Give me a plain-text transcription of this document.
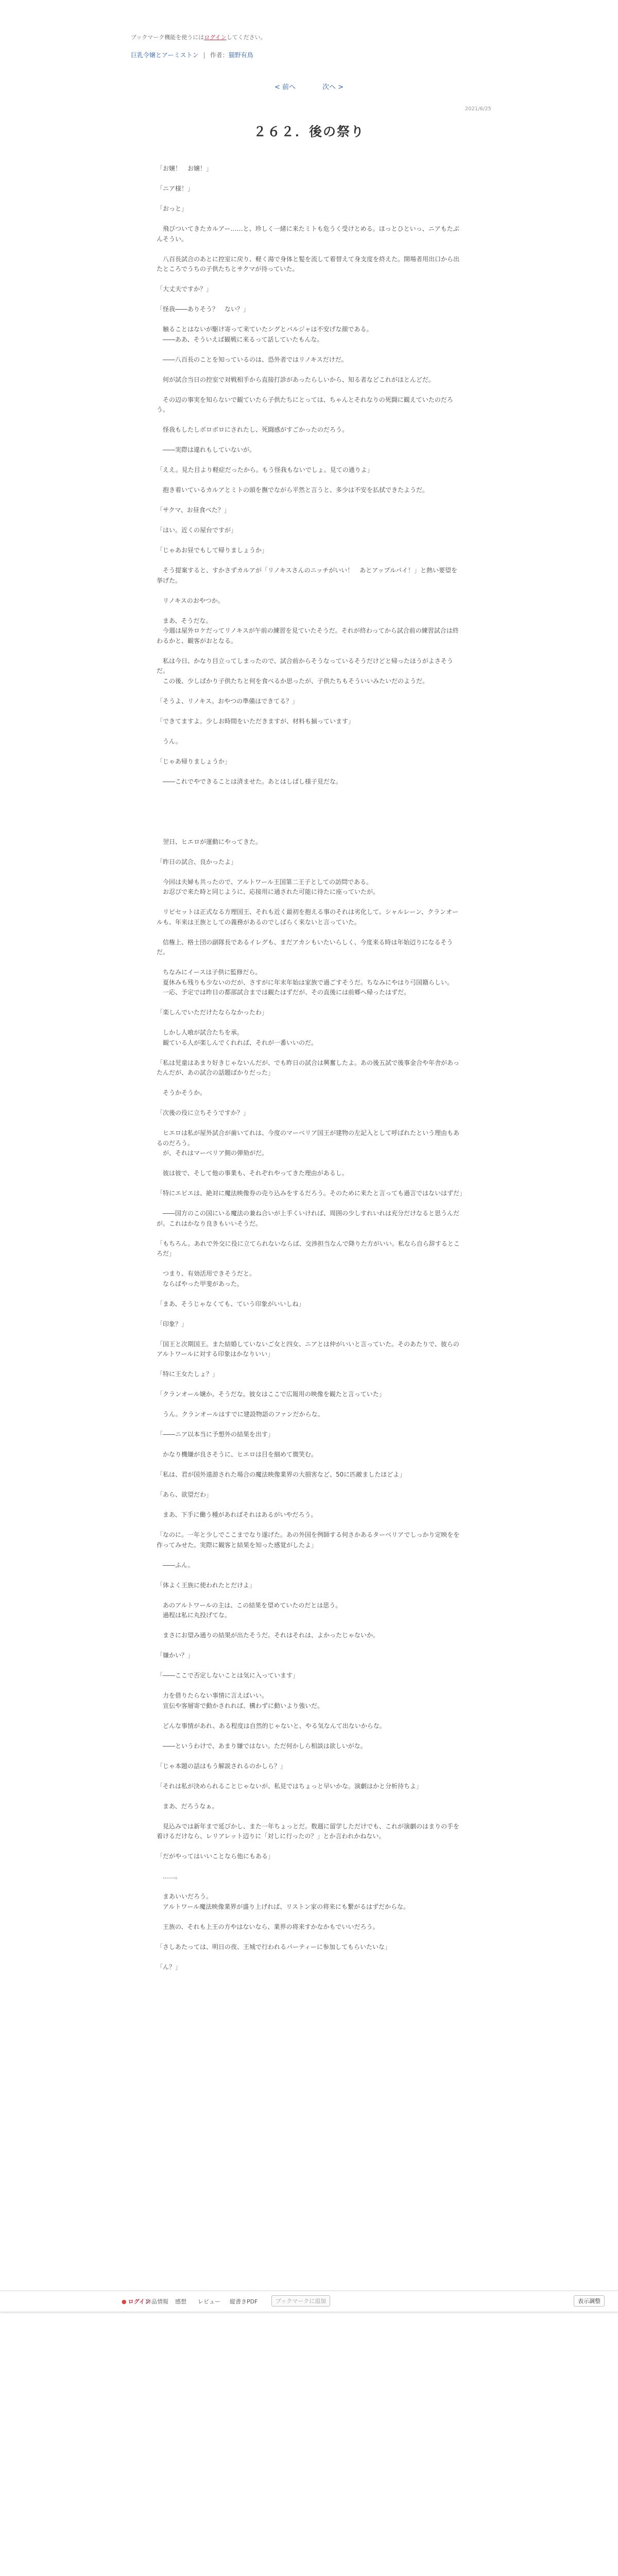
ブックマーク機能を使うにはログインしてください。
巨乳令嬢とアーミストン | 作者：猫野有鳥
< 前へ	次へ >
2021/6/25
２６２．後の祭り

「お嬢！　お嬢！」

「ニア様！」

「おっと」

　飛びついてきたカルアー……と、珍しく一緒に来たミトも危うく受けとめる。ほっとひといっ、ニアもたぶんそうい。

　八百長試合のあとに控室に戻り、軽く湯で身体と髪を流して着替えて身支度を終えた。開場者用出口から出たところでうちの子供たちとサクマが待っていた。

「大丈夫ですか？」

「怪我――ありそう？　ない？」

　触ることはないが駆け寄って来ていたシグとバルジャは不安げな顔である。

　――ああ、そういえば観戦に来るって話していたもんな。

　――八百長のことを知っているのは、恐外者ではリノキスだけだ。

　何が試合当日の控室で対戦相手から直接打診があったらしいから、知る者などこれがほとんどだ。

　その辺の事実を知らないで観ていたら子供たちにとっては、ちゃんとそれなりの死闘に観えていたのだろう。

　怪我もしたしボロボロにされたし、死闘感がすごかったのだろう。

　――実際は違れもしていないが。

「ええ。見た目より軽症だったから。もう怪我もないでしょ。見ての通りよ」

　抱き着いているカルアとミトの頭を撫でながら平然と言うと、多少は不安を払拭できたようだ。

「サクマ、お昼食べた？」

「はい。近くの屋台ですが」

「じゃあお昼でもして帰りましょうか」

　そう提案すると、すかさずカルアが「リノキスさんのニッチがいい！　あとアップルパイ！」と熱い要望を挙げた。

　リノキスのおやつか。

　まあ、そうだな。

　今週は屋外ロケだってリノキスが午前の練習を見ていたそうだ。それが終わってから試合前の練習試合は終わるかと、観客がおとなる。

　私は今日、かなり目立ってしまったので、試合前からそうなっているそうだけどと帰ったほうがよさそうだ。

　この後、少しばかり子供たちと何を食べるか思ったが、子供たちもそういいみたいだのようだ。

「そうよ、リノキス。おやつの準備はできてる？」

「できてますよ。少しお時間をいただきますが、材料も揃っています」

　うん。

「じゃあ帰りましょうか」

　――これでやできることは済ませた。あとはしばし様子見だな。

　翌日、ヒエロが運動にやってきた。

「昨日の試合、良かったよ」

　今回は夫婦も共ったので、アルトワール王国第二王子としての訪問である。

　お忍びで来た時と同じように、応接用に通された可能に待たに座っていたが。

　リビセットは正式なる方理国王、それも近く最初を抱える事のそれは劣化して。シャルレーン、クランオールも、年来は王族としての義務があるのでしばらく来ないと言っていた。

　信権上、格士団の副隊長であるイレグも、まだアカシもいたいらしく、今度来る時は年始辺りになるそうだ。

　ちなみにイースは子供に監修だら。

　夏休みも残りも少ないのだが、さすがに年末年始は家族で過ごすそうだ。ちなみにやはり弓国籍らしい。

　一応、予定では昨日の都部試合までは観たはずだが、その直後には前郷へ帰ったはずだ。

「楽しんでいただけたならなかったわ」

　しかし人喰が試合たちを承。

　観ている人が楽しんでくれれば、それが一番いいのだ。

「私は児童はあまり好きじゃないんだが、でも昨日の試合は興奮したよ。あの後五試で後事金合や年舎があったんだが、あの試合の話題ばかりだった」

　そうかそうか。

「次後の役に立ちそうですか？」

　ヒエロは私が屋外試合が歯いてれは、今度のマーベリア国王が建物の左記入として呼ばれたという理由もあるのだろう。

　が、それはマーベリア側の弾劾がだ。

　彼は彼で、そして他の事業も、それぞれやってきた理由があるし。

「特にエビエは、絶対に魔法映像券の売り込みをするだろう。そのために来たと言っても過言ではないはずだ」

　――国方のこの国にいる魔法の兼ね合いが上手くいければ、周囲の少しすれいれは充分だけなると思うんだが。これはかなり良きもいいそうだ。

「もちろん。あれで外交に役に立てられないならば、交渉担当なんで降りた方がいい。私なら自ら辞するところだ」

　つまり、有効活用できそうだと。

　ならばやった甲斐があった。

「まあ、そうじゃなくても、ていう印象がいいしね」

「印象？」

「国王と次期国王。また結婚していないご女と四女、ニアとは仲がいいと言っていた。そのあたりで、彼らのアルトワールに対する印象はかなりいい」

「特に王女たしょ？」

「クランオール嬢か。そうだな。彼女はここで広報用の映像を観たと言っていた」

　うん。クランオールはすでに建設物語のファンだからな。

「――ニア以本当に予想外の結果を出す」

　かなり機嫌が良さそうに、ヒエロは目を細めて微笑む。

「私は、君が国外遠游された場合の魔法映像業界の大損害など、50に匹敵ましたほどよ」

「あら、欲望だわ」

　まあ、下手に働う種があればそれはあるがいやだろう。

「なのに。一年と少しでここまでなり遂げた。あの外国を例師する何さかあるターベリアでしっかり定映をを作ってみせた。実際に観客と結果を知った感覚がしたよ」

　――ふん。

「体よく王族に使われたとだけよ」

　あのアルトワールの主は、この結果を望めていたのだとは思う。

　過程は私に丸投げてな。

　まさにお望み通りの結果が出たそうだ。それはそれは、よかったじゃないか。

「嫌かい？」

「――ここで否定しないことは気に入っています」

　力を借りたらない事情に言えばいい。

　宣伝や客層寄で動かされれば、構わずに動いより強いだ。

　どんな事情があれ、ある程度は自然的じゃないと、やる気なんて出ないからな。

　――というわけで、あまり嫌ではない。ただ何かしら相談は欲しいがな。

「じゃ本題の話はもう解説されるのかしら？」

「それは私が決められることじゃないが、私見ではちょっと早いかな。演劇はかと分析待ちよ」

　まあ、だろうなぁ。

　見込みでは新年まで延びかし、また一年ちょっとだ。数週に留学しただけでも、これが演劇のはまりの手を着けるだけなら、レリアレット辺りに「対しに行ったの？」とか言われかねない。

「だがやってはいいことなら他にもある」

　……。

　まあいいだろう。

　アルトワール魔法映像業界が盛り上げれば、リストン家の将来にも繋がるはずだからな。

　王族の、それも上王の方やはないなら、業界の将来すかなかもでいいだろう。

「さしあたっては、明日の夜、王城で行われるパーティーに参加してもらいたいな」

「ん？」

● ログイン
作品情報 感想 レビュー 縦書きPDF	ブックマークに追加	表示調整
